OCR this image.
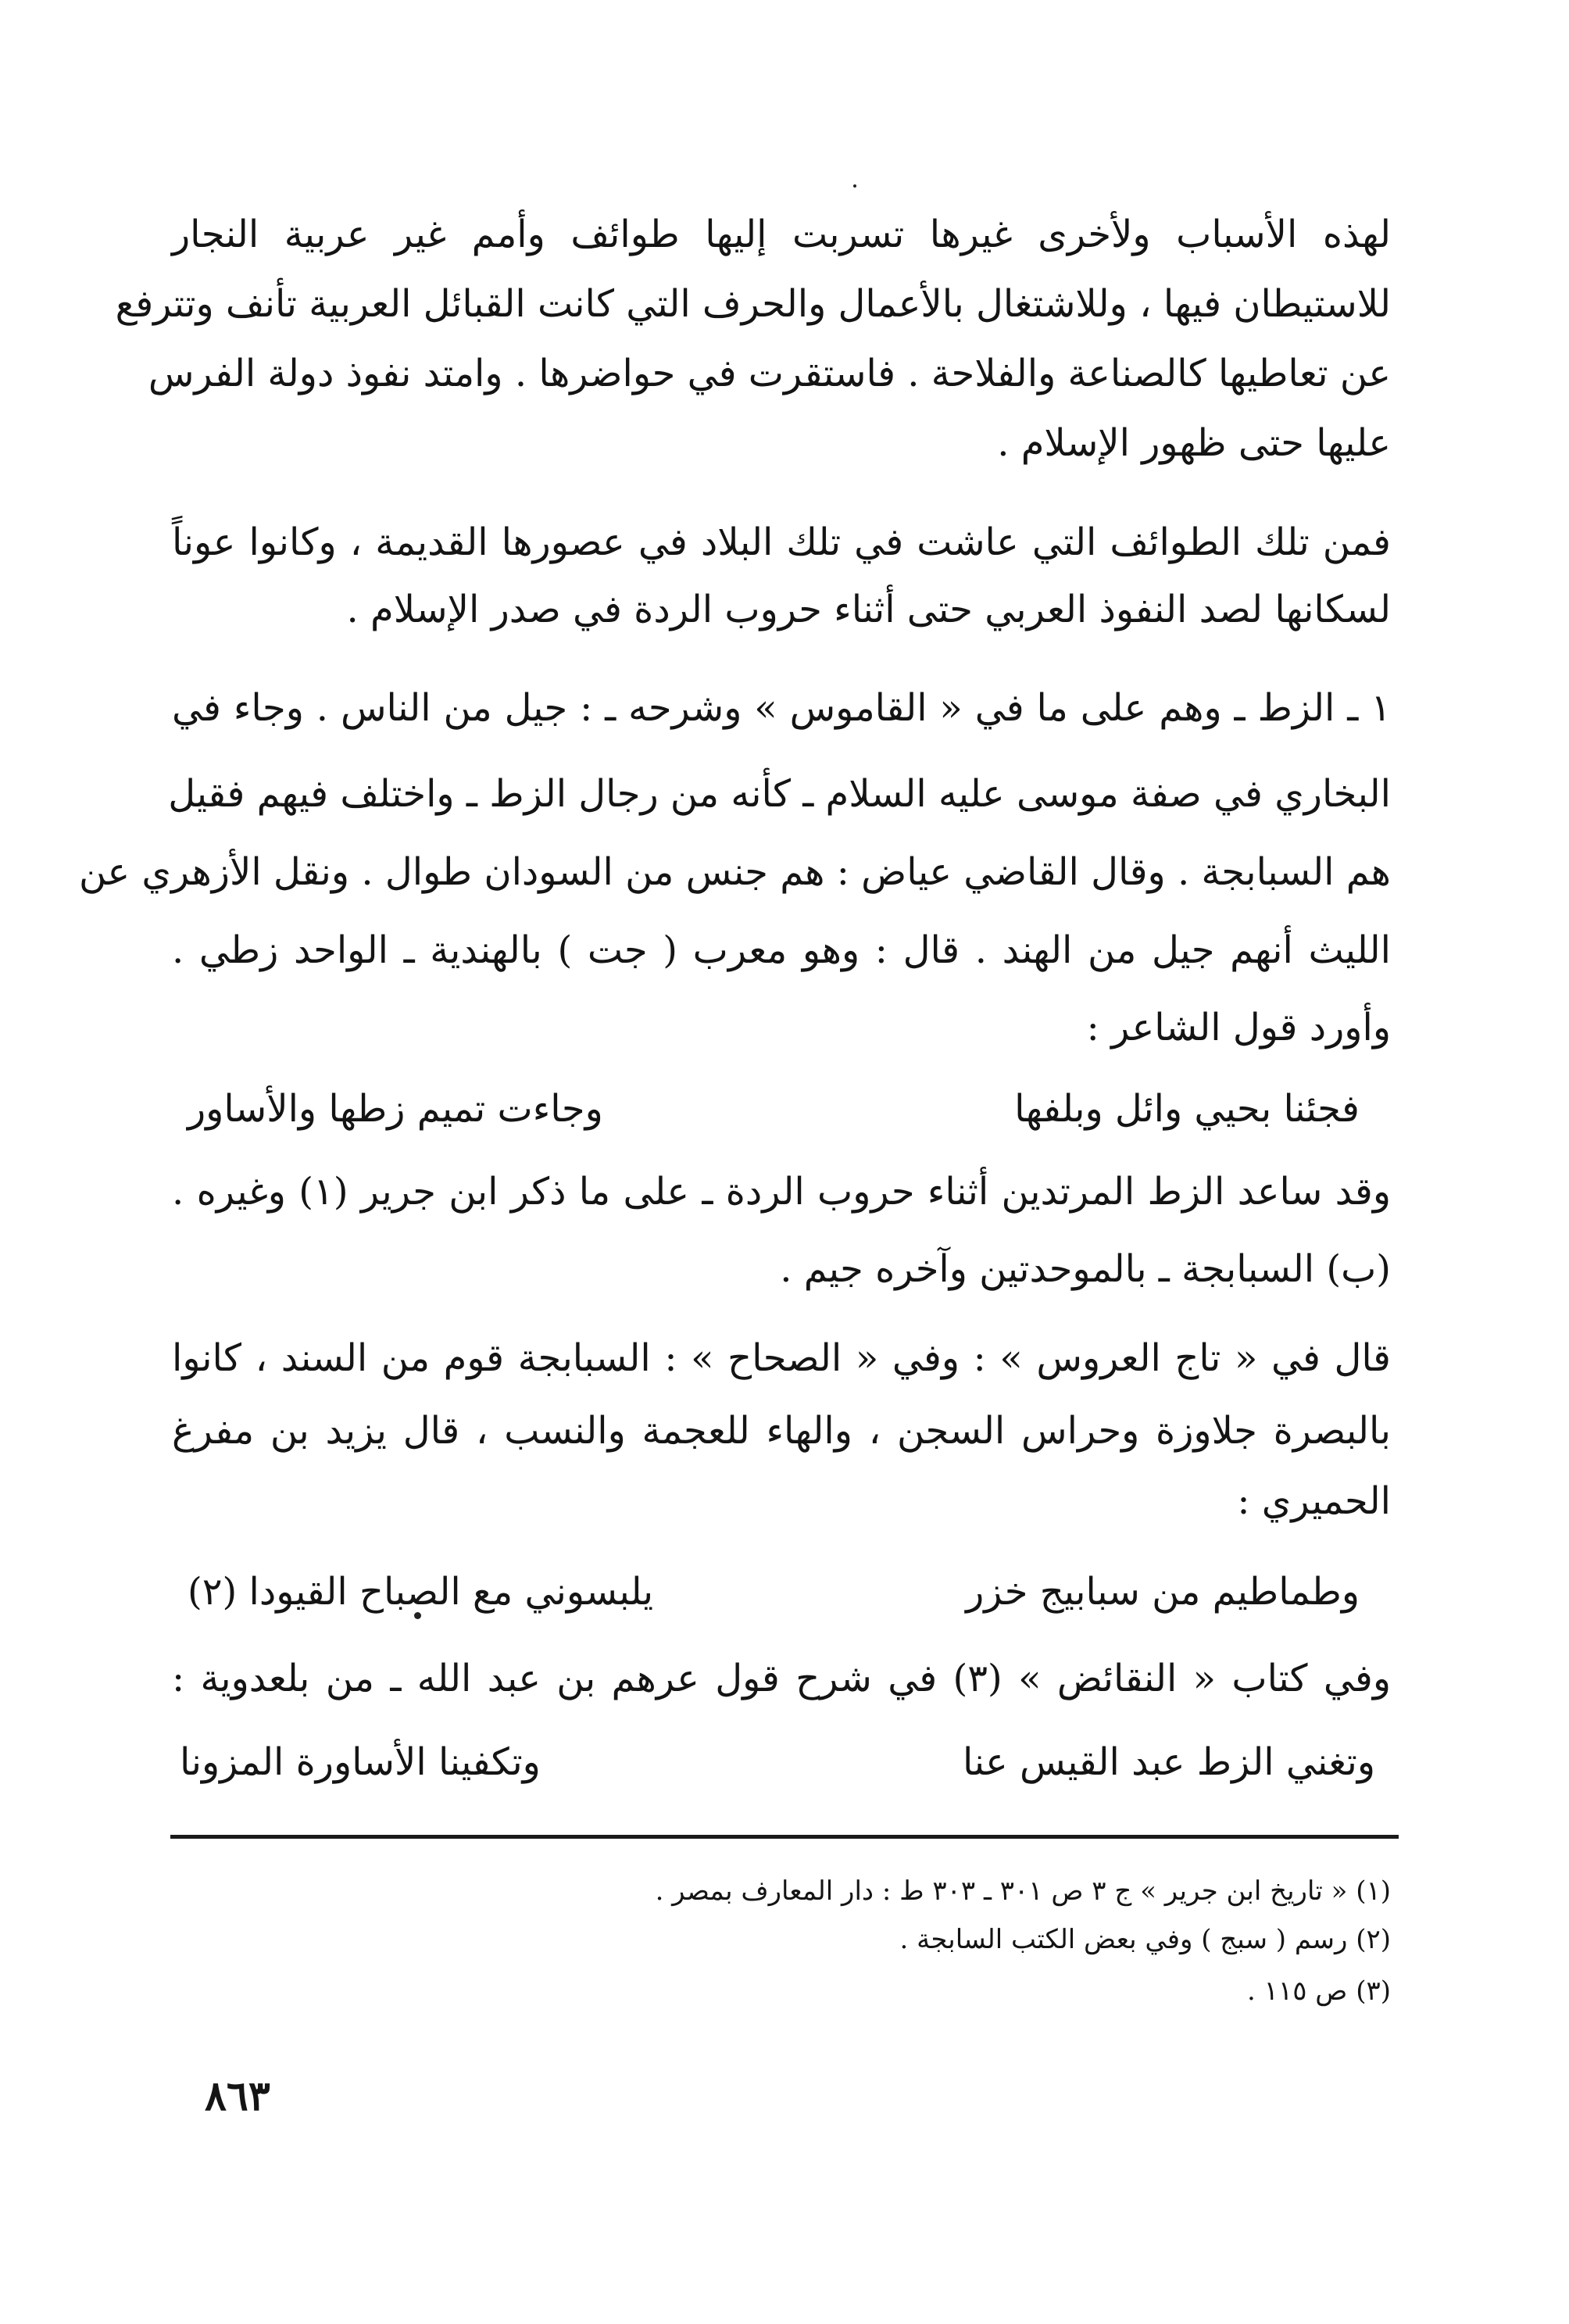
لهذه الأسباب ولأخرى غيرها تسربت إليها طوائف وأمم غير عربية النجار
للاستيطان فيها ، وللاشتغال بالأعمال والحرف التي كانت القبائل العربية تأنف وتترفع
عن تعاطيها كالصناعة والفلاحة . فاستقرت في حواضرها . وامتد نفوذ دولة الفرس
عليها حتى ظهور الإسلام .
فمن تلك الطوائف التي عاشت في تلك البلاد في عصورها القديمة ، وكانوا عوناً
لسكانها لصد النفوذ العربي حتى أثناء حروب الردة في صدر الإسلام .
١ ـ الزط ـ وهم على ما في « القاموس » وشرحه ـ : جيل من الناس . وجاء في
البخاري في صفة موسى عليه السلام ـ كأنه من رجال الزط ـ واختلف فيهم فقيل
هم السبابجة . وقال القاضي عياض : هم جنس من السودان طوال . ونقل الأزهري عن
الليث أنهم جيل من الهند . قال : وهو معرب ( جت ) بالهندية ـ الواحد زطي .
وأورد قول الشاعر :
فجئنا بحيي وائل وبلفها وجاءت تميم زطها والأساور
وقد ساعد الزط المرتدين أثناء حروب الردة ـ على ما ذكر ابن جرير (١) وغيره .
(ب) السبابجة ـ بالموحدتين وآخره جيم .
قال في « تاج العروس » : وفي « الصحاح » : السبابجة قوم من السند ، كانوا
بالبصرة جلاوزة وحراس السجن ، والهاء للعجمة والنسب ، قال يزيد بن مفرغ
الحميري :
وطماطيم من سبابيج خزر يلبسوني مع الصباح القيودا (٢)
وفي كتاب « النقائض » (٣) في شرح قول عرهم بن عبد الله ـ من بلعدوية :
وتغني الزط عبد القيس عنا وتكفينا الأساورة المزونا
(١) « تاريخ ابن جرير » ج ٣ ص ٣٠١ ـ ٣٠٣ ط : دار المعارف بمصر .
(٢) رسم ( سبج ) وفي بعض الكتب السابجة .
(٣) ص ١١٥ .
٨٦٣
